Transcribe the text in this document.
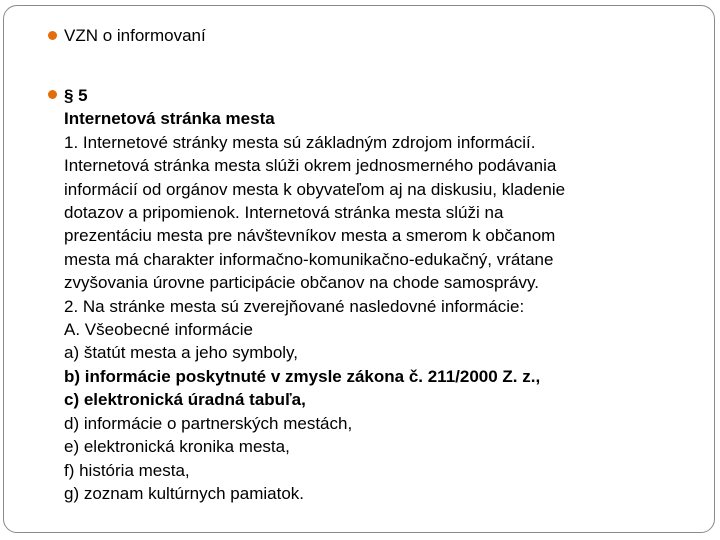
VZN o informovaní
§ 5
Internetová stránka mesta
1. Internetové stránky mesta sú základným zdrojom informácií.
Internetová stránka mesta slúži okrem jednosmerného podávania
informácií od orgánov mesta k obyvateľom aj na diskusiu, kladenie
dotazov a pripomienok. Internetová stránka mesta slúži na
prezentáciu mesta pre návštevníkov mesta a smerom k občanom
mesta má charakter informačno-komunikačno-edukačný, vrátane
zvyšovania úrovne participácie občanov na chode samosprávy.
2. Na stránke mesta sú zverejňované nasledovné informácie:
A. Všeobecné informácie
a) štatút mesta a jeho symboly,
b) informácie poskytnuté v zmysle zákona č. 211/2000 Z. z.,
c) elektronická úradná tabuľa,
d) informácie o partnerských mestách,
e) elektronická kronika mesta,
f) história mesta,
g) zoznam kultúrnych pamiatok.
